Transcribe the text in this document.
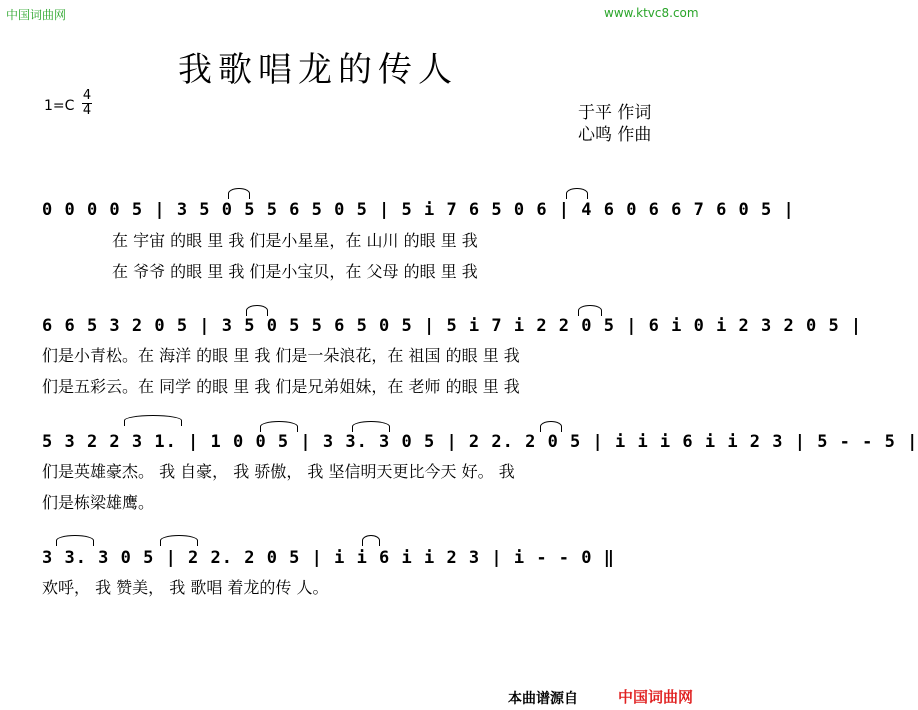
中国词曲网	www.ktvc8.com
我歌唱龙的传人
$1=C \frac{4}{4}$	于平 作词
心鸣 作曲
0 0 0 0 5 | 3 5 0 5 5 6 5 0 5 | 5 i 7 6 5 0 6 | 4 6 0 6 6 7 6 0 5 |
在 宇宙 的眼 里 我 们是小星星，在 山川 的眼 里 我
在 爷爷 的眼 里 我 们是小宝贝，在 父母 的眼 里 我
6 6 5 3 2 0 5 | 3 5 0 5 5 6 5 0 5 | 5 i 7 i 2 2 0 5 | 6 i 0 i 2 3 2 0 5 |
们是小青松。在 海洋 的眼 里 我 们是一朵浪花，在 祖国 的眼 里 我
们是五彩云。在 同学 的眼 里 我 们是兄弟姐妹，在 老师 的眼 里 我
5 3 2 2 3 1. | 1 0 0 5 | 3 3. 3 0 5 | 2 2. 2 0 5 | i i i 6 i i 2 3 | 5 - - 5 |
们是英雄豪杰。 我 自豪， 我 骄傲， 我 坚信明天更比今天 好。 我
们是栋梁雄鹰。
3 3. 3 0 5 | 2 2. 2 0 5 | i i 6 i i 2 3 | i - - 0 ‖
欢呼， 我 赞美， 我 歌唱 着龙的传 人。
本曲谱源自	中国词曲网
